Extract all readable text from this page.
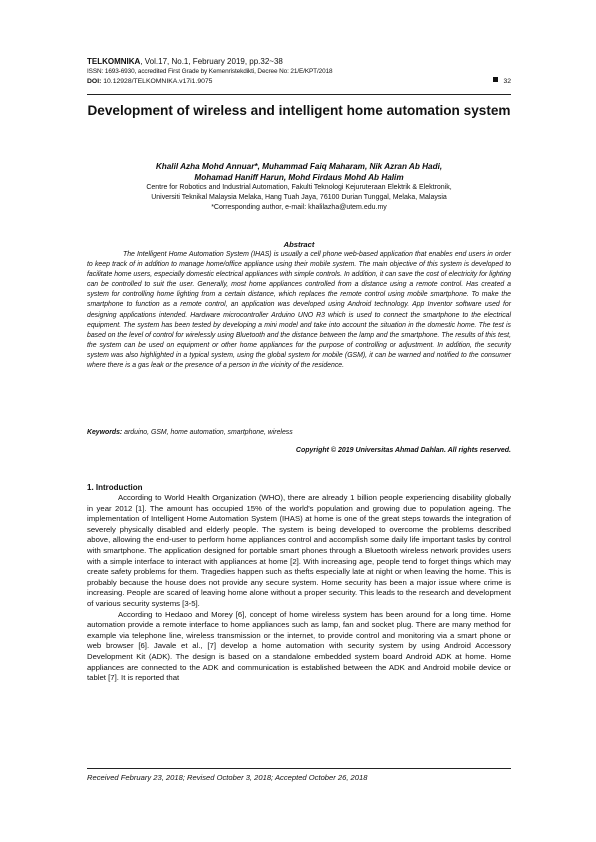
TELKOMNIKA, Vol.17, No.1, February 2019, pp.32~38
ISSN: 1693-6930, accredited First Grade by Kemenristekdikti, Decree No: 21/E/KPT/2018
DOI: 10.12928/TELKOMNIKA.v17i1.9075	32
Development of wireless and intelligent home automation system
Khalil Azha Mohd Annuar*, Muhammad Faiq Maharam, Nik Azran Ab Hadi,
Mohamad Haniff Harun, Mohd Firdaus Mohd Ab Halim
Centre for Robotics and Industrial Automation, Fakulti Teknologi Kejuruteraan Elektrik & Elektronik,
Universiti Teknikal Malaysia Melaka, Hang Tuah Jaya, 76100 Durian Tunggal, Melaka, Malaysia
*Corresponding author, e-mail: khalilazha@utem.edu.my
Abstract

The Intelligent Home Automation System (IHAS) is usually a cell phone web-based application that enables end users in order to keep track of in addition to manage home/office appliance using their mobile system. The main objective of this system is developed to facilitate home users, especially domestic electrical appliances with simple controls. In addition, it can save the cost of electricity for lighting can be controlled to suit the user. Generally, most home appliances controlled from a distance using a remote control. Has created a system for controlling home lighting from a certain distance, which replaces the remote control using mobile smartphone. To make the smartphone to function as a remote control, an application was developed using Android technology. App Inventor software used for designing applications intended. Hardware microcontroller Arduino UNO R3 which is used to connect the smartphone to the electrical equipment. The system has been tested by developing a mini model and take into account the situation in the domestic home. The test is based on the level of control for wirelessly using Bluetooth and the distance between the lamp and the smartphone. The results of this test, the system can be used on equipment or other home appliances for the purpose of controlling or adjustment. In addition, the security system was also highlighted in a typical system, using the global system for mobile (GSM), it can be warned and notified to the consumer where there is a gas leak or the presence of a person in the vicinity of the residence.

Keywords: arduino, GSM, home automation, smartphone, wireless
Copyright © 2019 Universitas Ahmad Dahlan. All rights reserved.
1. Introduction

According to World Health Organization (WHO), there are already 1 billion people experiencing disability globally in year 2012 [1]. The amount has occupied 15% of the world's population and growing due to population ageing. The implementation of Intelligent Home Automation System (IHAS) at home is one of the great steps towards the integration of severely physically disabled and elderly people. The system is being developed to overcome the problems described above, allowing the end-user to perform home appliances control and accomplish some daily life important tasks by control with smartphone. The application designed for portable smart phones through a Bluetooth wireless network provides users with a simple interface to interact with appliances at home [2]. With increasing age, people tend to forget things which may create safety problems for them. Tragedies happen such as thefts especially late at night or when leaving the home. This is probably because the house does not provide any secure system. Home security has been a major issue where crime is increasing. People are scared of leaving home alone without a proper security. This leads to the research and development of various security systems [3-5].

According to Hedaoo and Morey [6], concept of home wireless system has been around for a long time. Home automation provide a remote interface to home appliances such as lamp, fan and socket plug. There are many method for example via telephone line, wireless transmission or the internet, to provide control and monitoring via a smart phone or web browser [6]. Javale et al., [7] develop a home automation with security system by using Android Accessory Development Kit (ADK). The design is based on a standalone embedded system board Android ADK at home. Home appliances are connected to the ADK and communication is established between the ADK and Android mobile device or tablet [7]. It is reported that

Received February 23, 2018; Revised October 3, 2018; Accepted October 26, 2018
